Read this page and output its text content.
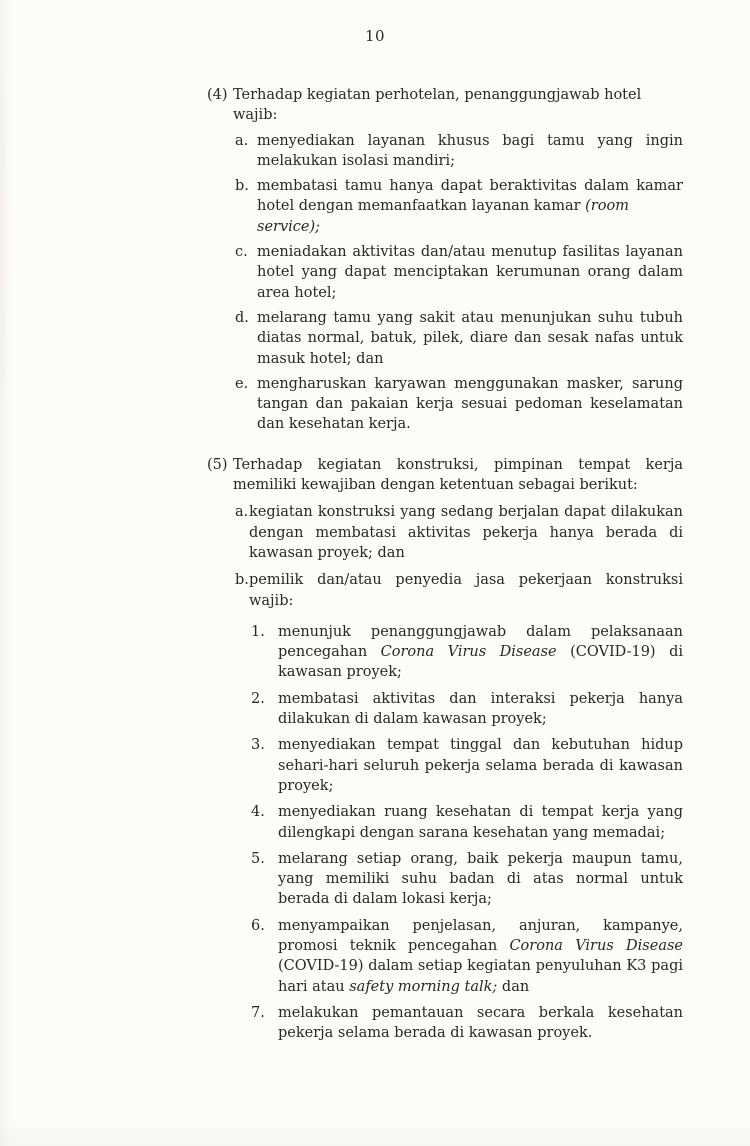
10
(4) Terhadap kegiatan perhotelan, penanggungjawab hotel wajib:
a. menyediakan layanan khusus bagi tamu yang ingin
melakukan isolasi mandiri;
b. membatasi tamu hanya dapat beraktivitas dalam kamar
hotel dengan memanfaatkan layanan kamar (room service);
c. meniadakan aktivitas dan/atau menutup fasilitas layanan
hotel yang dapat menciptakan kerumunan orang dalam
area hotel;
d. melarang tamu yang sakit atau menunjukan suhu tubuh
diatas normal, batuk, pilek, diare dan sesak nafas untuk
masuk hotel; dan
e. mengharuskan karyawan menggunakan masker, sarung
tangan dan pakaian kerja sesuai pedoman keselamatan
dan kesehatan kerja.
(5) Terhadap kegiatan konstruksi, pimpinan tempat kerja
memiliki kewajiban dengan ketentuan sebagai berikut:
a. kegiatan konstruksi yang sedang berjalan dapat dilakukan
dengan membatasi aktivitas pekerja hanya berada di
kawasan proyek; dan
b. pemilik dan/atau penyedia jasa pekerjaan konstruksi
wajib:
1. menunjuk penanggungjawab dalam pelaksanaan
pencegahan Corona Virus Disease (COVID-19) di
kawasan proyek;
2. membatasi aktivitas dan interaksi pekerja hanya
dilakukan di dalam kawasan proyek;
3. menyediakan tempat tinggal dan kebutuhan hidup
sehari-hari seluruh pekerja selama berada di kawasan
proyek;
4. menyediakan ruang kesehatan di tempat kerja yang
dilengkapi dengan sarana kesehatan yang memadai;
5. melarang setiap orang, baik pekerja maupun tamu,
yang memiliki suhu badan di atas normal untuk
berada di dalam lokasi kerja;
6. menyampaikan penjelasan, anjuran, kampanye,
promosi teknik pencegahan Corona Virus Disease
(COVID-19) dalam setiap kegiatan penyuluhan K3 pagi
hari atau safety morning talk; dan
7. melakukan pemantauan secara berkala kesehatan
pekerja selama berada di kawasan proyek.
